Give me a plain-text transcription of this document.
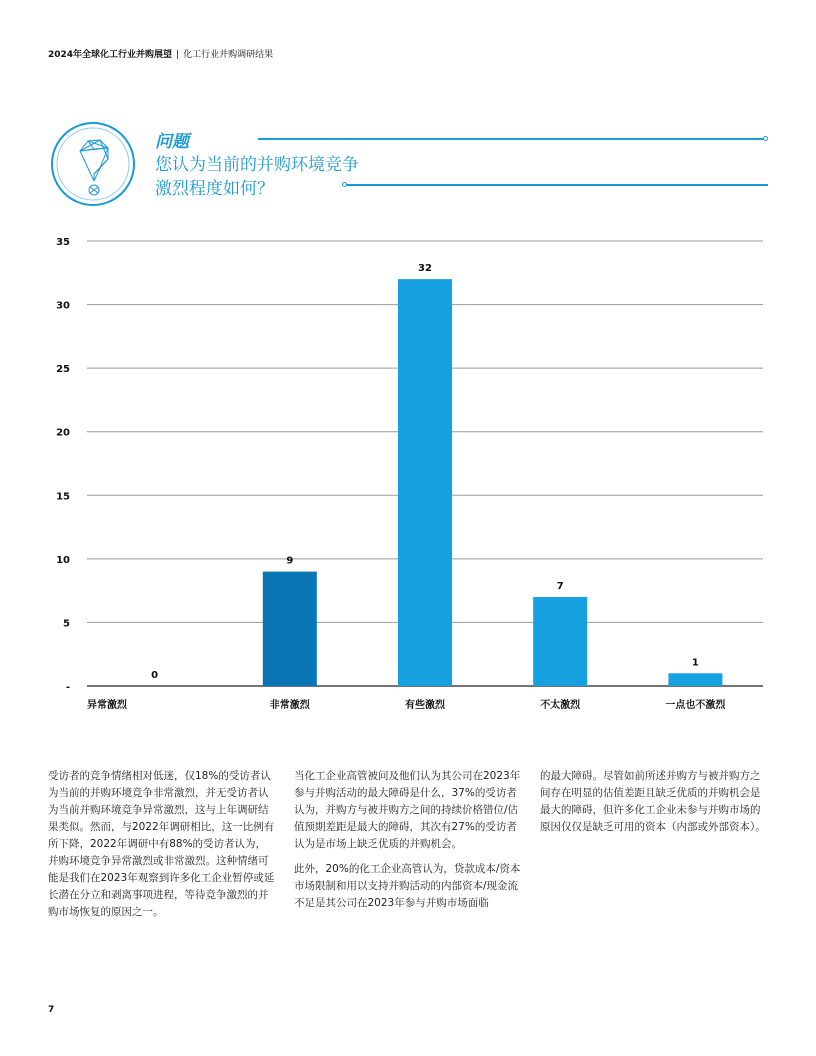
2024年全球化工行业并购展望 | 化工行业并购调研结果
问题
您认为当前的并购环境竞争
激烈程度如何？
-
5
10
15
20
25
30
35
0
9
32
7
1
异常激烈	非常激烈	有些激烈	不太激烈	一点也不激烈

受访者的竞争情绪相对低迷，仅18%的受访者认为当前的并购环境竞争非常激烈，并无受访者认为当前并购环境竞争异常激烈，这与上年调研结果类似。然而，与2022年调研相比，这一比例有所下降，2022年调研中有88%的受访者认为，并购环境竞争异常激烈或非常激烈。这种情绪可能是我们在2023年观察到许多化工企业暂停或延长潜在分立和剥离事项进程，等待竞争激烈的并购市场恢复的原因之一。

当化工企业高管被问及他们认为其公司在2023年参与并购活动的最大障碍是什么，37%的受访者认为，并购方与被并购方之间的持续价格错位/估值预期差距是最大的障碍，其次有27%的受访者认为是市场上缺乏优质的并购机会。

此外，20%的化工企业高管认为，贷款成本/资本市场限制和用以支持并购活动的内部资本/现金流不足是其公司在2023年参与并购市场面临

的最大障碍。尽管如前所述并购方与被并购方之间存在明显的估值差距且缺乏优质的并购机会是最大的障碍，但许多化工企业未参与并购市场的原因仅仅是缺乏可用的资本（内部或外部资本）。

7
